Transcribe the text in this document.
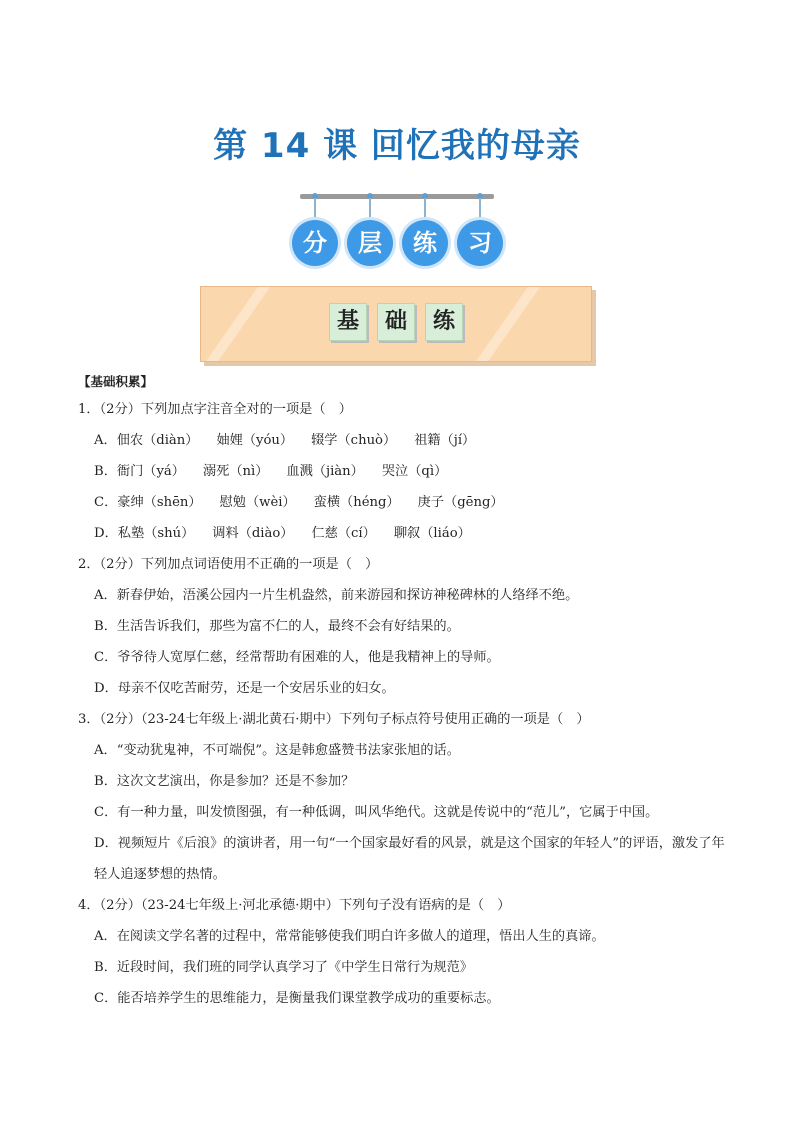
第 14 课 回忆我的母亲
分	层	练	习
基 础 练
【基础积累】
1．（2分）下列加点字注音全对的一项是（　）
A．佃农（diàn） 妯娌（yóu） 辍学（chuò） 祖籍（jí）
B．衙门（yá） 溺死（nì） 血溅（jiàn） 哭泣（qì）
C．豪绅（shēn） 慰勉（wèi） 蛮横（héng） 庚子（gēng）
D．私塾（shú） 调料（diào） 仁慈（cí） 聊叙（liáo）
2．（2分）下列加点词语使用不正确的一项是（　）
A．新春伊始，浯溪公园内一片生机盎然，前来游园和探访神秘碑林的人络绎不绝。
B．生活告诉我们，那些为富不仁的人，最终不会有好结果的。
C．爷爷待人宽厚仁慈，经常帮助有困难的人，他是我精神上的导师。
D．母亲不仅吃苦耐劳，还是一个安居乐业的妇女。
3．（2分）（23-24七年级上·湖北黄石·期中）下列句子标点符号使用正确的一项是（　）
A．“变动犹鬼神，不可端倪”。这是韩愈盛赞书法家张旭的话。
B．这次文艺演出，你是参加？还是不参加？
C．有一种力量，叫发愤图强，有一种低调，叫风华绝代。这就是传说中的“范儿”，它属于中国。
D．视频短片《后浪》的演讲者，用一句“一个国家最好看的风景，就是这个国家的年轻人”的评语，激发了年轻人追逐梦想的热情。
4．（2分）（23-24七年级上·河北承德·期中）下列句子没有语病的是（　）
A．在阅读文学名著的过程中，常常能够使我们明白许多做人的道理，悟出人生的真谛。
B．近段时间，我们班的同学认真学习了《中学生日常行为规范》
C．能否培养学生的思维能力，是衡量我们课堂教学成功的重要标志。
